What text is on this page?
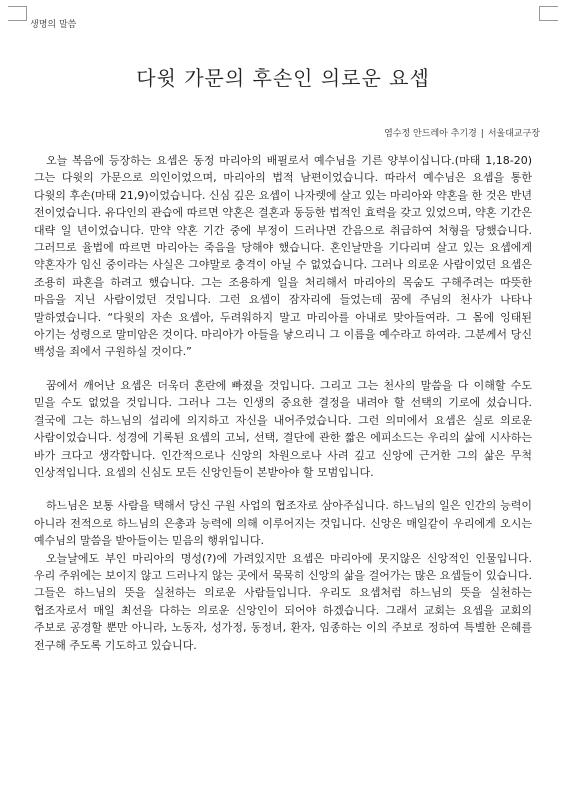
생명의 말씀
다윗 가문의 후손인 의로운 요셉
염수정 안드레아 추기경 | 서울대교구장

오늘 복음에 등장하는 요셉은 동정 마리아의 배필로서 예수님을 기른 양부이십니다.(마태 1,18-20) 그는 다윗의 가문으로 의인이었으며, 마리아의 법적 남편이었습니다. 따라서 예수님은 요셉을 통한 다윗의 후손(마태 21,9)이었습니다. 신심 깊은 요셉이 나자렛에 살고 있는 마리아와 약혼을 한 것은 반년 전이었습니다. 유다인의 관습에 따르면 약혼은 결혼과 동등한 법적인 효력을 갖고 있었으며, 약혼 기간은 대략 일 년이었습니다. 만약 약혼 기간 중에 부정이 드러나면 간음으로 취급하여 처형을 당했습니다. 그러므로 율법에 따르면 마리아는 죽음을 당해야 했습니다. 혼인날만을 기다리며 살고 있는 요셉에게 약혼자가 임신 중이라는 사실은 그야말로 충격이 아닐 수 없었습니다. 그러나 의로운 사람이었던 요셉은 조용히 파혼을 하려고 했습니다. 그는 조용하게 일을 처리해서 마리아의 목숨도 구해주려는 따뜻한 마음을 지닌 사람이었던 것입니다. 그런 요셉이 잠자리에 들었는데 꿈에 주님의 천사가 나타나 말하였습니다. “다윗의 자손 요셉아, 두려워하지 말고 마리아를 아내로 맞아들여라. 그 몸에 잉태된 아기는 성령으로 말미암은 것이다. 마리아가 아들을 낳으리니 그 이름을 예수라고 하여라. 그분께서 당신 백성을 죄에서 구원하실 것이다.”

꿈에서 깨어난 요셉은 더욱더 혼란에 빠졌을 것입니다. 그리고 그는 천사의 말씀을 다 이해할 수도 믿을 수도 없었을 것입니다. 그러나 그는 인생의 중요한 결정을 내려야 할 선택의 기로에 섰습니다. 결국에 그는 하느님의 섭리에 의지하고 자신을 내어주었습니다. 그런 의미에서 요셉은 실로 의로운 사람이었습니다. 성경에 기록된 요셉의 고뇌, 선택, 결단에 관한 짧은 에피소드는 우리의 삶에 시사하는 바가 크다고 생각합니다. 인간적으로나 신앙의 차원으로나 사려 깊고 신앙에 근거한 그의 삶은 무척 인상적입니다. 요셉의 신심도 모든 신앙인들이 본받아야 할 모범입니다.

하느님은 보통 사람을 택해서 당신 구원 사업의 협조자로 삼아주십니다. 하느님의 일은 인간의 능력이 아니라 전적으로 하느님의 은총과 능력에 의해 이루어지는 것입니다. 신앙은 매일같이 우리에게 오시는 예수님의 말씀을 받아들이는 믿음의 행위입니다.

오늘날에도 부인 마리아의 명성(?)에 가려있지만 요셉은 마리아에 못지않은 신앙적인 인물입니다. 우리 주위에는 보이지 않고 드러나지 않는 곳에서 묵묵히 신앙의 삶을 걸어가는 많은 요셉들이 있습니다. 그들은 하느님의 뜻을 실천하는 의로운 사람들입니다. 우리도 요셉처럼 하느님의 뜻을 실천하는 협조자로서 매일 최선을 다하는 의로운 신앙인이 되어야 하겠습니다. 그래서 교회는 요셉을 교회의 주보로 공경할 뿐만 아니라, 노동자, 성가정, 동정녀, 환자, 임종하는 이의 주보로 정하여 특별한 은혜를 전구해 주도록 기도하고 있습니다.
